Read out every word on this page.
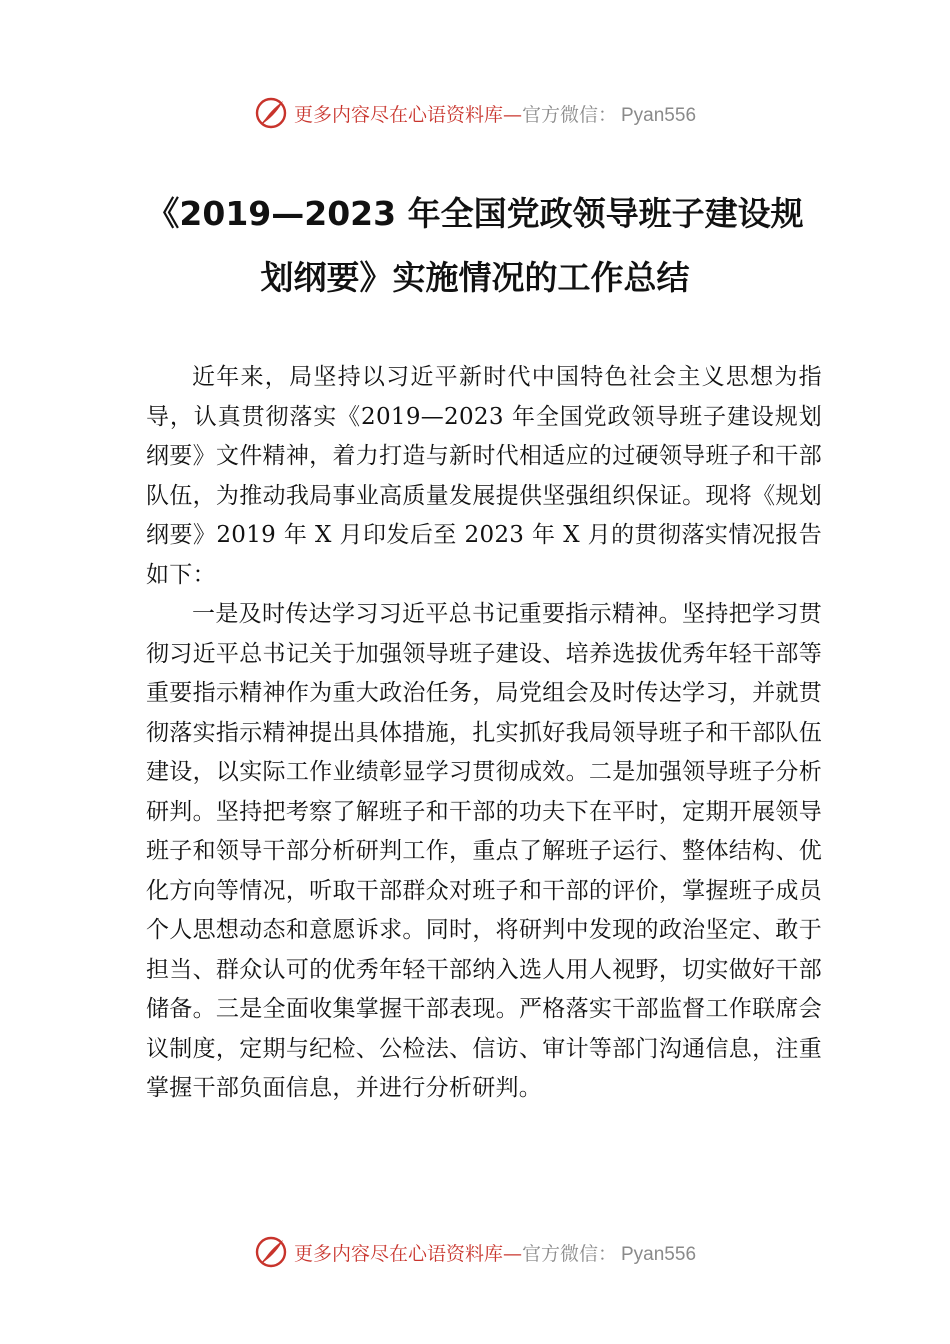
更多内容尽在心语资料库— 官方微信： Pyan556
《2019—2023 年全国党政领导班子建设规
划纲要》实施情况的工作总结

近年来，局坚持以习近平新时代中国特色社会主义思想为指导，认真贯彻落实《2019—2023 年全国党政领导班子建设规划纲要》文件精神，着力打造与新时代相适应的过硬领导班子和干部队伍，为推动我局事业高质量发展提供坚强组织保证。现将《规划纲要》2019 年 X 月印发后至 2023 年 X 月的贯彻落实情况报告如下：

一是及时传达学习习近平总书记重要指示精神。坚持把学习贯彻习近平总书记关于加强领导班子建设、培养选拔优秀年轻干部等重要指示精神作为重大政治任务，局党组会及时传达学习，并就贯彻落实指示精神提出具体措施，扎实抓好我局领导班子和干部队伍建设，以实际工作业绩彰显学习贯彻成效。二是加强领导班子分析研判。坚持把考察了解班子和干部的功夫下在平时，定期开展领导班子和领导干部分析研判工作，重点了解班子运行、整体结构、优化方向等情况，听取干部群众对班子和干部的评价，掌握班子成员个人思想动态和意愿诉求。同时，将研判中发现的政治坚定、敢于担当、群众认可的优秀年轻干部纳入选人用人视野，切实做好干部储备。三是全面收集掌握干部表现。严格落实干部监督工作联席会议制度，定期与纪检、公检法、信访、审计等部门沟通信息，注重掌握干部负面信息，并进行分析研判。

更多内容尽在心语资料库— 官方微信： Pyan556
